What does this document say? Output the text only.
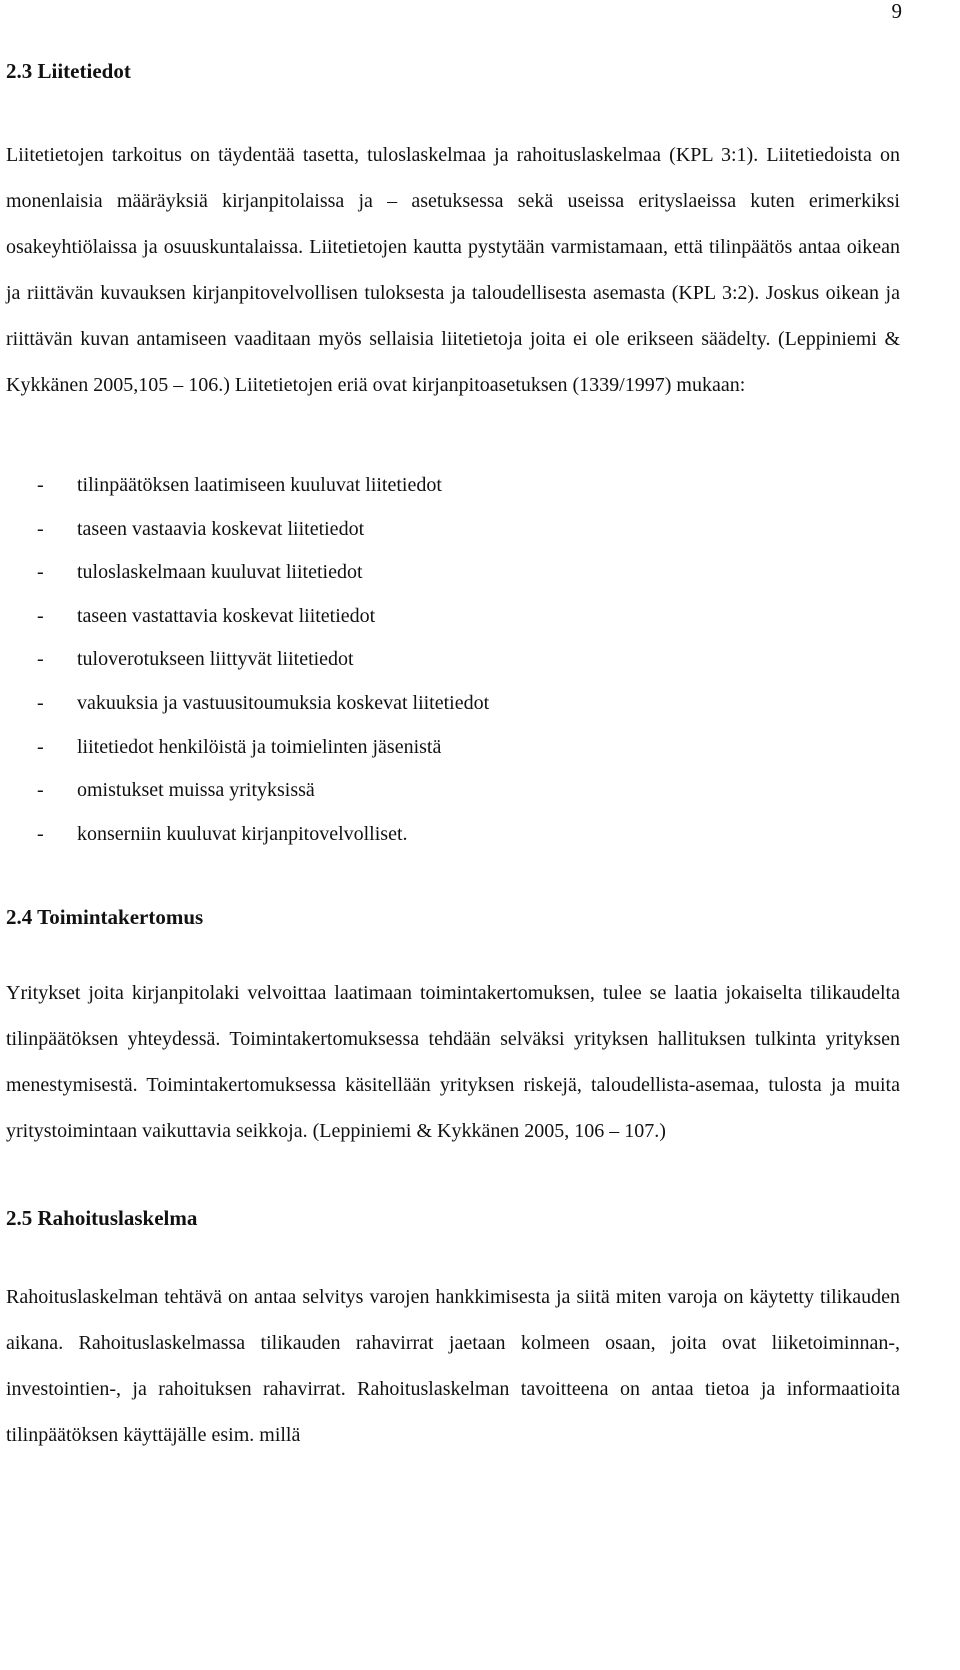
9
2.3 Liitetiedot

Liitetietojen tarkoitus on täydentää tasetta, tuloslaskelmaa ja rahoituslaskelmaa (KPL 3:1). Liitetiedoista on monenlaisia määräyksiä kirjanpitolaissa ja – asetuksessa sekä useissa erityslaeissa kuten erimerkiksi osakeyhtiölaissa ja osuuskuntalaissa. Liitetietojen kautta pystytään varmistamaan, että tilinpäätös antaa oikean ja riittävän kuvauksen kirjanpitovelvollisen tuloksesta ja taloudellisesta asemasta (KPL 3:2). Joskus oikean ja riittävän kuvan antamiseen vaaditaan myös sellaisia liitetietoja joita ei ole erikseen säädelty. (Leppiniemi & Kykkänen 2005,105 – 106.) Liitetietojen eriä ovat kirjanpitoasetuksen (1339/1997) mukaan:

- tilinpäätöksen laatimiseen kuuluvat liitetiedot
- taseen vastaavia koskevat liitetiedot
- tuloslaskelmaan kuuluvat liitetiedot
- taseen vastattavia koskevat liitetiedot
- tuloverotukseen liittyvät liitetiedot
- vakuuksia ja vastuusitoumuksia koskevat liitetiedot
- liitetiedot henkilöistä ja toimielinten jäsenistä
- omistukset muissa yrityksissä
- konserniin kuuluvat kirjanpitovelvolliset.
2.4 Toimintakertomus

Yritykset joita kirjanpitolaki velvoittaa laatimaan toimintakertomuksen, tulee se laatia jokaiselta tilikaudelta tilinpäätöksen yhteydessä. Toimintakertomuksessa tehdään selväksi yrityksen hallituksen tulkinta yrityksen menestymisestä. Toimintakertomuksessa käsitellään yrityksen riskejä, taloudellista-asemaa, tulosta ja muita yritystoimintaan vaikuttavia seikkoja. (Leppiniemi & Kykkänen 2005, 106 – 107.)

2.5 Rahoituslaskelma

Rahoituslaskelman tehtävä on antaa selvitys varojen hankkimisesta ja siitä miten varoja on käytetty tilikauden aikana. Rahoituslaskelmassa tilikauden rahavirrat jaetaan kolmeen osaan, joita ovat liiketoiminnan-, investointien-, ja rahoituksen rahavirrat. Rahoituslaskelman tavoitteena on antaa tietoa ja informaatioita tilinpäätöksen käyttäjälle esim. millä
